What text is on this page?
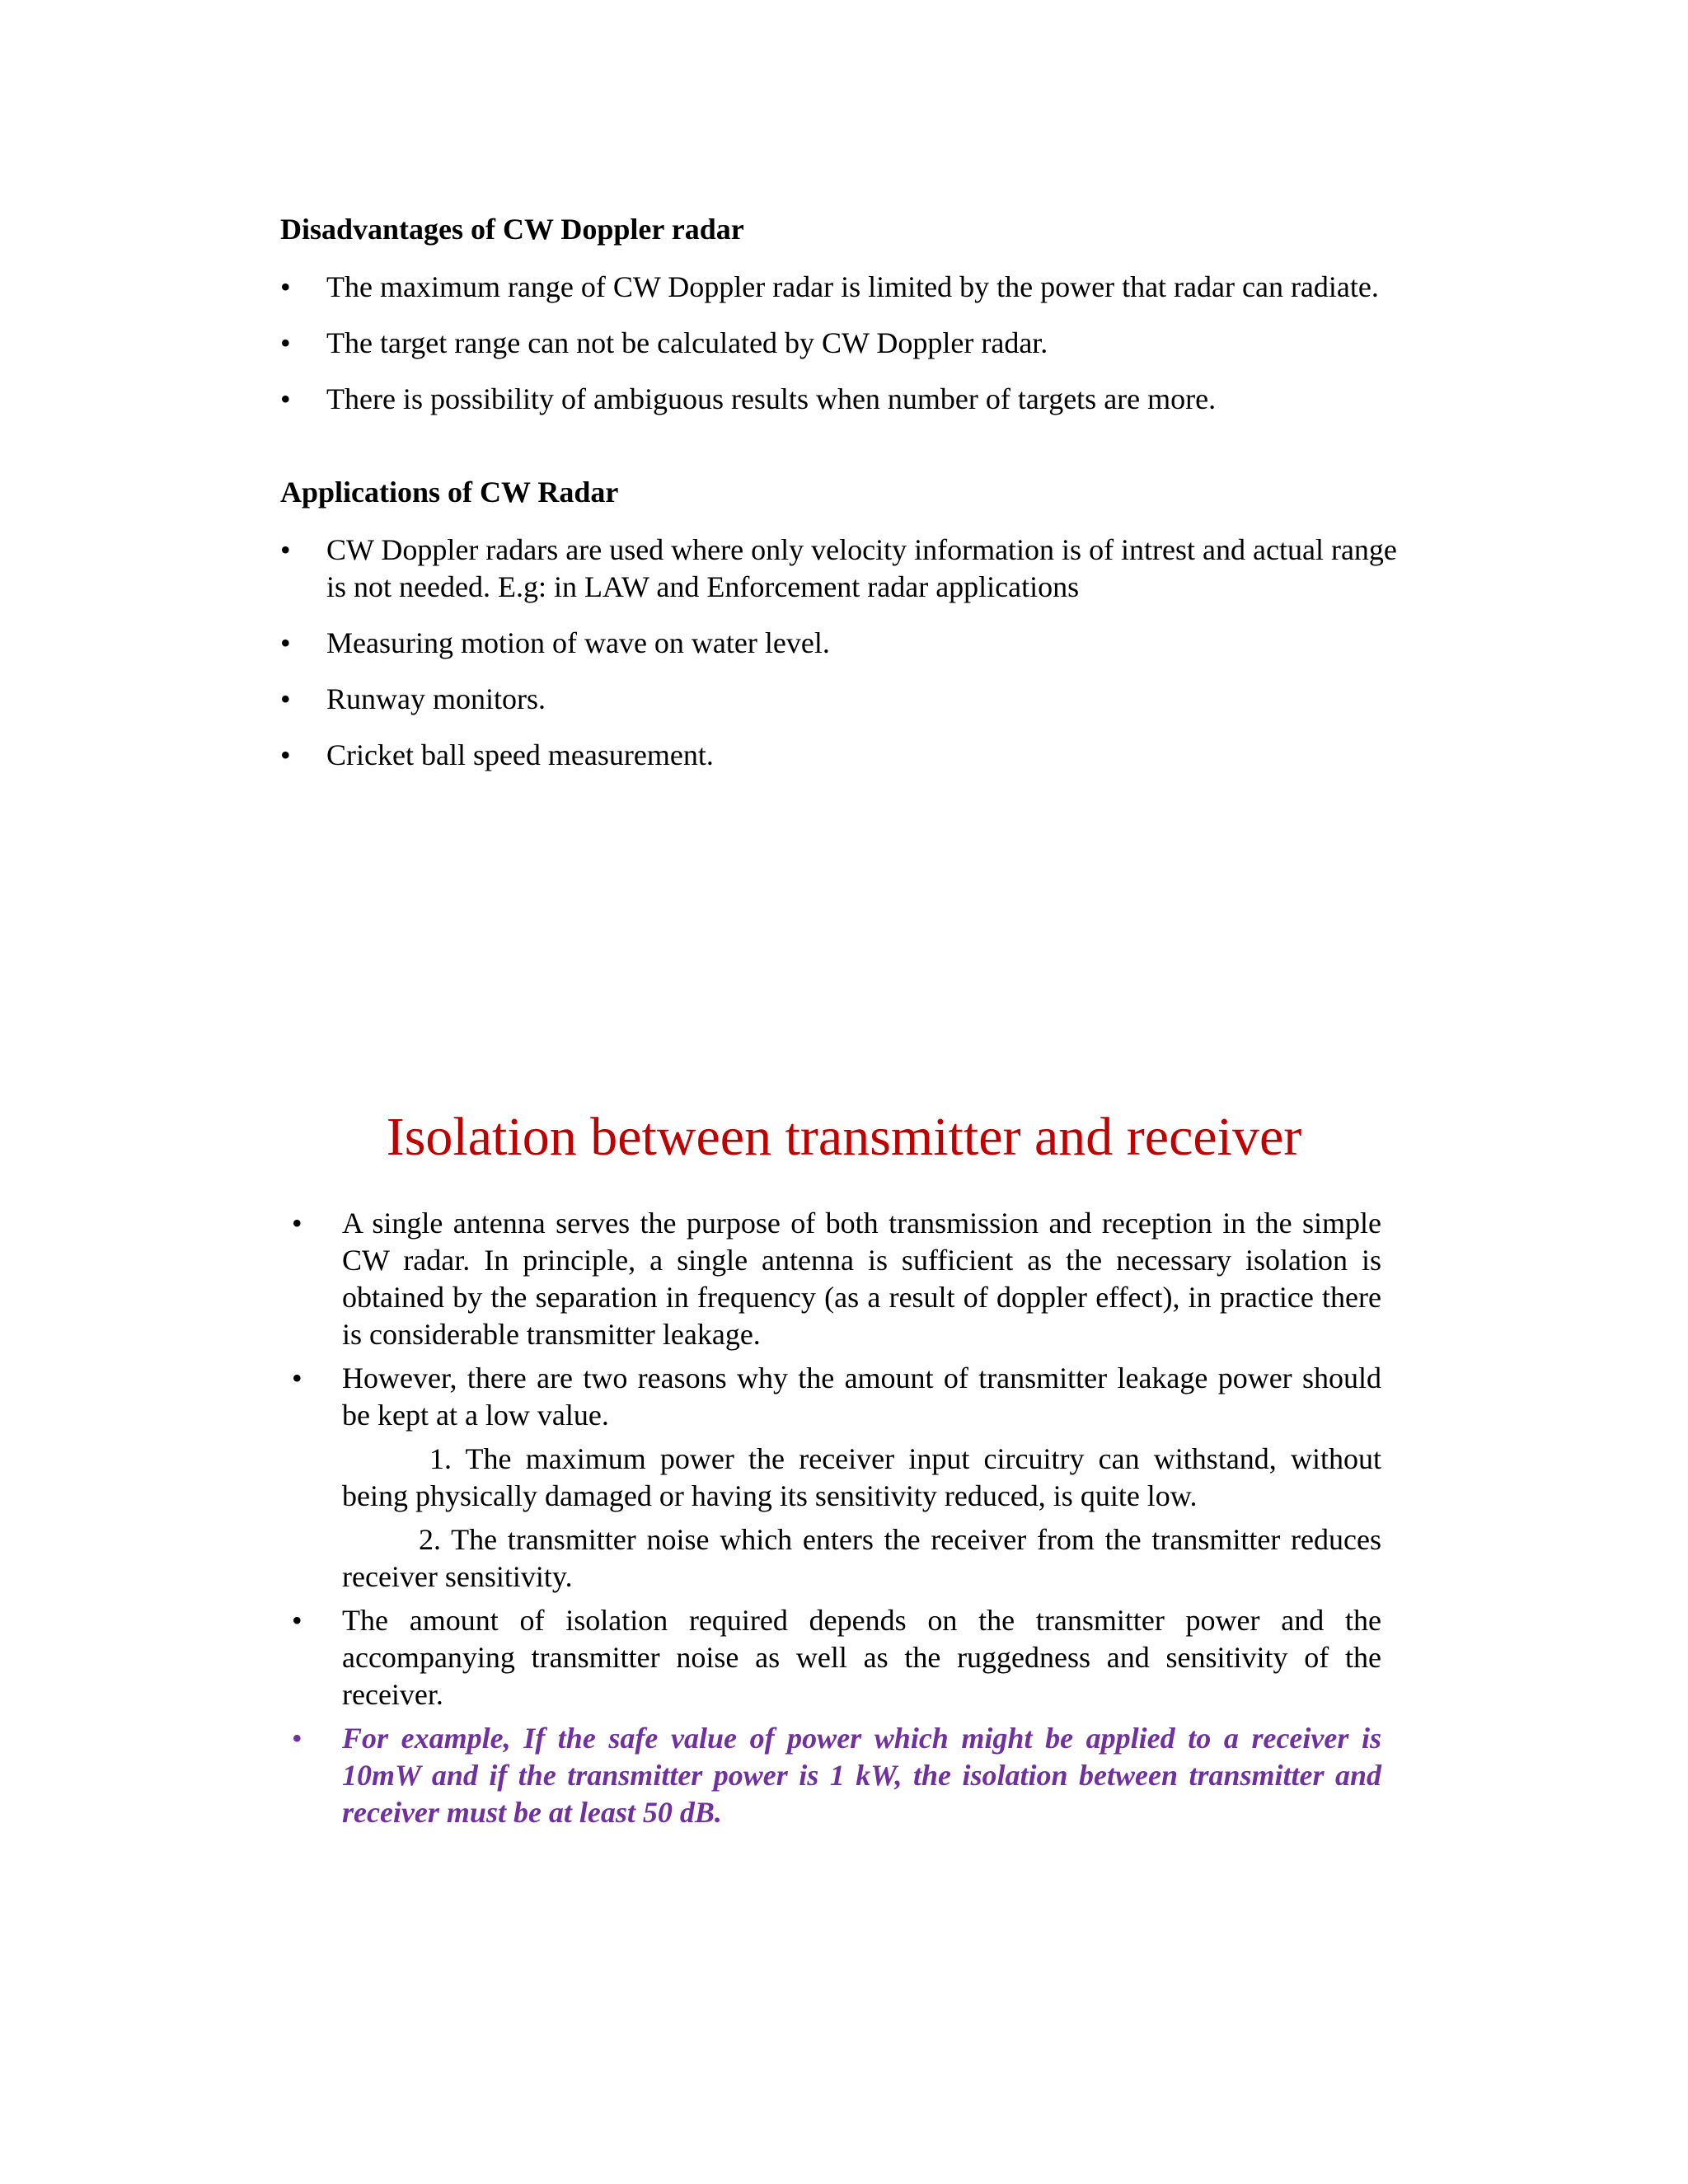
Disadvantages of CW Doppler radar
•	The maximum range of CW Doppler radar is limited by the power that radar can radiate.
•	The target range can not be calculated by CW Doppler radar.
•	There is possibility of ambiguous results when number of targets are more.
Applications of CW Radar
•	CW Doppler radars are used where only velocity information is of intrest and actual range is not needed. E.g: in LAW and Enforcement radar applications
•	Measuring motion of wave on water level.
•	Runway monitors.
•	Cricket ball speed measurement.
Isolation between transmitter and receiver
•	A single antenna serves the purpose of both transmission and reception in the simple CW radar. In principle, a single antenna is sufficient as the necessary isolation is obtained by the separation in frequency (as a result of doppler effect), in practice there is considerable transmitter leakage.
•	However, there are two reasons why the amount of transmitter leakage power should be kept at a low value.
1. The maximum power the receiver input circuitry can withstand, without being physically damaged or having its sensitivity reduced, is quite low.
2. The transmitter noise which enters the receiver from the transmitter reduces receiver sensitivity.
•	The amount of isolation required depends on the transmitter power and the accompanying transmitter noise as well as the ruggedness and sensitivity of the receiver.
•	For example, If the safe value of power which might be applied to a receiver is 10mW and if the transmitter power is 1 kW, the isolation between transmitter and receiver must be at least 50 dB.
